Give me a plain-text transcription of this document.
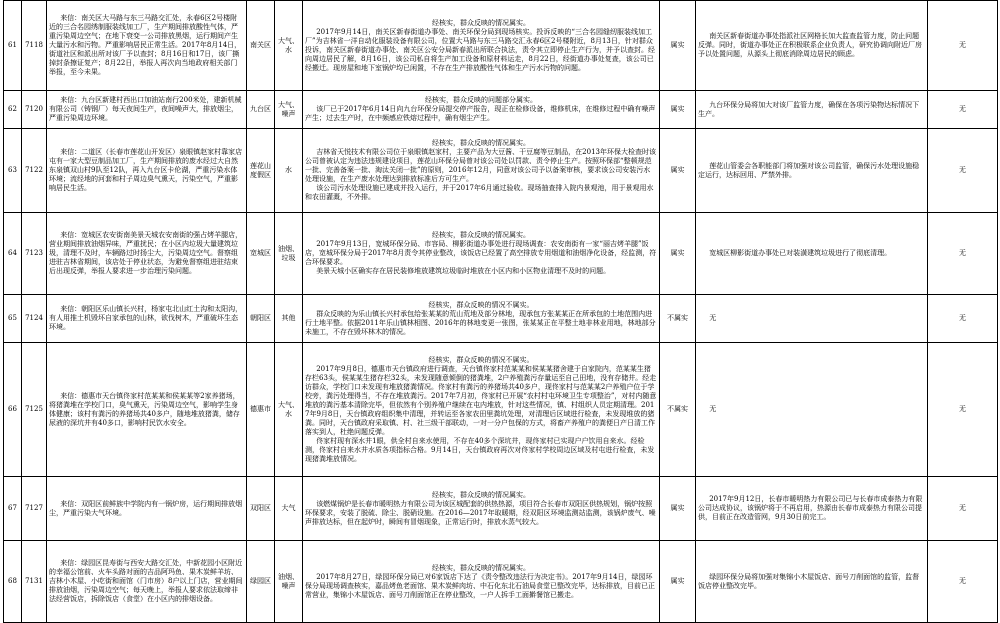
61	7118	来信：南关区大马路与东三马路交汇处，永春6区2号楼附近的三合名园绣制服装线加工厂，生产期间排放酸性气体，严重污染周边空气；在地下衰变一公司排放黑烟，运行期间产生大量污水和污物。严重影响居民正常生活。2017年8月14日，街道社区和派出所对该厂予以查封；8月16日和17日，该厂撕掉封条擦证复产；8月22日，举报人再次向当地政府相关部门举报，至今未果。	南关区	大气、水	经核实，群众反映的情况属实。

2017年9月14日，南关区新春街道办事处、南关环保分局到现场核实。投诉反映的“三合名园缝纫服装线加工厂”为吉林省一洋自动化服装设备有限公司，位置大马路与东三马路交汇永春6区2号楼附近，8月13日，针对群众投诉，南关区新春街道办事处、南关区公安分局新春派出所联合执法，责令其立即停止生产行为，并予以查封。经向周边居民了解，8月16日，该公司私自将生产加工设备和原材料运走，8月22日，经街道办事处复查，该公司已经搬迁。现房屋和地下室锅炉均已闲置，不存在生产排放酸性气体和生产污水污物的问题。	属实	南关区新春街道办事处指派社区网格长加大监查监管力度，防止问题反弹。同时，街道办事处正在积极联系企业负责人，研究协调向附近厂房予以处置问题，从源头上彻底消除周边居民的顾虑。	无
62	7120	来信：九台区新建村西出口加油站南行200米处，建新机械有限公司（铸钢厂）每天夜间生产，夜间噪声大，排放烟尘，严重污染周边环境。	九台区	大气、噪声	经核实，群众反映的问题部分属实。

该厂已于2017年6月14日向九台环保分局提交停产报告，现正在检修设备，维修机床，在维修过程中确有噪声产生；过去生产时，在中频感应铁熔过程中，确有烟尘产生。	属实	九台环保分局将加大对该厂监管力度，确保在各项污染物达标情况下生产。	无
63	7122	来信：二道区（长春市莲花山开发区）泉眼镇赵家村靠家店屯有一家大型豆制品加工厂，生产期间排放的废水经过大自然东泉镇双山村9队至12队，再入九台区卡伦湖，严重污染水体环境；流经地的河套和村子周边臭气熏天，污染空气，严重影响居民生活。	莲花山度假区	水	经核实，群众反映的情况属实。

吉林省天悦技术有限公司位于泉眼镇赵家村，主要产品为大豆酱、干豆腐等豆制品，在2013年环保大检查时该公司曾被认定为违法违规建设项目，莲花山环保分局曾对该公司处以罚款、责令停止生产。按照环保部“整顿规范一批、完善备案一批、淘汰关闭一批”的原则，2016年12月，同意对该公司予以备案审核，要求该公司安装污水处理设施，在生产废水处理达到排放标准后方可生产。

该公司污水处理设施已建成并投入运行，并于2017年6月通过验收。现场抽查排入院内景观池，用于景观用水和农田灌溉，不外排。	属实	莲花山管委会各职能部门将加强对该公司监管，确保污水处理设施稳定运行，达标回用、严禁外排。	无
64	7123	来信：宽城区农安街南美景天城农安南街的强占烤羊腿店，营业期间排放油烟异味，严重扰民；在小区内垃圾大量建筑垃圾，清理不及时，车辆路过时扬尘大，污染周边空气。督察组进驻吉林省期间，该店处于停业状态，为避免督察组进驻结束后出现反弹，举报人要求进一步治理污染问题。	宽城区	油烟、垃圾	经核实，群众反映的情况属实。

2017年9月13日，宽城环保分局、市容局、柳影街道办事处进行现场调查：农安南街有一家“丽吉烤羊腿”饭店，宽城环保分局于2017年8月责令其停业整改，该饭店已经置了高空排放专用烟道和油烟净化设备，经监测，符合环保要求。

美景天城小区确实存在居民装修堆放建筑垃圾临时堆放在小区内和小区物业清理不及时的问题。	属实	宽城区柳影街道办事处已对装潢建筑垃圾进行了彻底清理。	无
65	7124	来信：朝阳区乐山镇长兴村，杨家屯北山红土沟和太阳沟，有人用推土机毁坏自家承包的山林，欲伐树木，严重破坏生态环境。	朝阳区	其他	经核实，群众反映的情况不属实。

群众反映的为乐山镇长兴村承包给张某某的荒山荒地及部分林地，现承包方张某某正在所承包的土地范围内进行土地平整。依据2011年乐山镇林相图、2016年的林地变更一张图，张某某正在平整土地非林业用地，林地部分未施工，不存在毁坏林木的情况。	不属实	无	无
66	7125	来信：德惠市天台镇佟家村范某某和侯某某等2家养猪场，将猪粪堆在学校门口，臭气熏天，污染周边空气，影响学生身体健康；该村有粪污的养猪场共40多户，随地堆放猪粪，储存尿液的深坑井有40多口，影响村民饮水安全。	德惠市	大气、水	经核实，群众反映的情况不属实。

2017年9月8日，德惠市天台镇政府进行调查，天台镇佟家村范某某和侯某某猪舍建于自家院内，范某某生猪存栏63头，侯某某生猪存栏32头，未发现随意倾倒的猪粪堆，2户养殖粪污存量运至自己田地，没有存储井。经走访群众，学校门口未发现有堆放猪粪情况。佟家村有粪污的养猪场共40多户，现佟家村与范某某2户养殖户位于学校旁，粪污处理得当，不存在堆放粪污。2017年7月初，佟家村已开展“农村村屯环境卫生专项整治”，对村内随意堆放的粪污基本清除完毕，但依然有个别养殖户继续在屯内堆放，针对这些情况，镇、村组织人员定期清理。2017年9月8日，天台镇政府组织集中清理，并转运至各家农田里粪坑处理，对清理后区域进行检查，未发现堆放的猪粪。同时，天台镇政府采取镇、村、社三级干部联动，一对一分户包保的方式，将畜产养殖户的粪便日产日清工作落实到人，杜绝问题反弹。

佟家村现有深水井1眼，供全村自来水使用，不存在40多个深坑井，现佟家村已实现户户饮用自来水。经检测，佟家村自来水井水质各项指标合格。9月14日，天台镇政府再次对佟家村学校周边区域及村屯进行检查，未发现猪粪堆放情况。	不属实	无	无
67	7127	来信：双阳区前鲜族中学院内有一锅炉房，运行期间排放烟尘，严重污染大气环境。	双阳区	大气	经核实，群众反映的情况属实。

该燃煤锅炉是长春市暖明热力有限公司为该区城配套的供热热源，项目符合长春市双阳区供热规划，锅炉按照环保要求，安装了脱硫、除尘、脱硝设施。在2016—2017年取暖期，经双阳区环境监测站监测，该锅炉废气、噪声排放达标，但在起炉时，瞬间有冒烟现象，正常运行时，排放水蒸气较大。	属实	2017年9月12日，长春市暖明热力有限公司已与长春市成泰热力有限公司达成协议，该锅炉将于不再启用，热源由长春市成泰热力有限公司提供，目前正在改造管网，9月30日前完工。	无
68	7131	来信：绿园区昆寿街与西安大路交汇处，中新花园小区附近的幸福公馆前、火车头路对面的吉品阿玛鱼、果木炭鲜羊坊、吉林小木屋、小吃街和面馆（门市房）8户以上门店，营业期间排放油烟，污染周边空气；每天晚上，举报人要求依法取缔非法经营饭店，拆除饭店（食堂）在小区内的排烟设备。	绿园区	油烟、噪声	经核实，群众反映的情况属实。

2017年8月27日，绿园环保分局已对6家饭店下达了《责令整改违法行为决定书》。2017年9月14日，绿园环保分局现场调查核实，嘉品烤鱼老面馆、果木炭鲜肉坊、中石化东北石油局食堂已整改完毕，达标排放，目前已正常营业，集锦小木屋饭店、面号刀削面馆正在停业整改，一户人拆手工面擀餐馆已搬走。	属实	绿园环保分局将加强对集锦小木屋饭店、面号刀削面馆的监管，监督饭店停业整改完毕。	无
